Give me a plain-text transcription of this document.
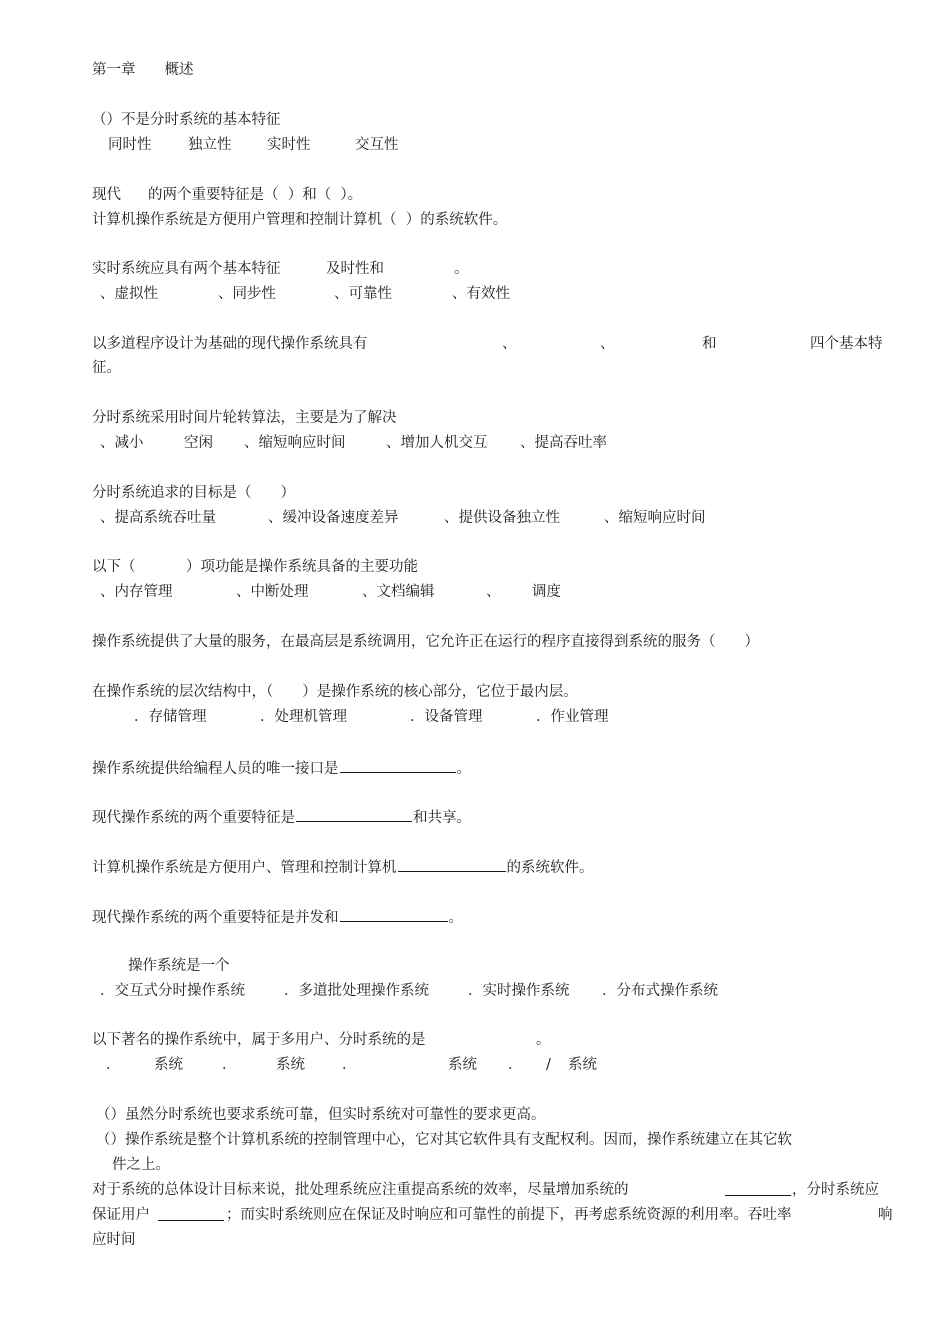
第一章　　概述
（）不是分时系统的基本特征
同时性	独立性 实时性	交互性
现代 的两个重要特征是（  ）和（  ）。
计算机操作系统是方便用户管理和控制计算机（  ）的系统软件。
实时系统应具有两个基本特征	及时性和	。
、虚拟性	、同步性	、可靠性	、有效性
以多道程序设计为基础的现代操作系统具有	、	、	和	四个基本特
征。
分时系统采用时间片轮转算法，主要是为了解决
、减小	空闲 、缩短响应时间	、增加人机交互 、提高吞吐率
分时系统追求的目标是（　　）
、提高系统吞吐量	、缓冲设备速度差异	、提供设备独立性	、缩短响应时间
以下（	）项功能是操作系统具备的主要功能
、内存管理	、中断处理	、文档编辑	、 调度
操作系统提供了大量的服务，在最高层是系统调用，它允许正在运行的程序直接得到系统的服务（　　）
在操作系统的层次结构中，（　　）是操作系统的核心部分，它位于最内层。
．存储管理	．处理机管理	．设备管理	．作业管理
操作系统提供给编程人员的唯一接口是	。
现代操作系统的两个重要特征是	和共享。
计算机操作系统是方便用户、管理和控制计算机	的系统软件。
现代操作系统的两个重要特征是并发和	。
操作系统是一个
．交互式分时操作系统	．多道批处理操作系统	．实时操作系统 ．分布式操作系统
以下著名的操作系统中，属于多用户、分时系统的是	。
． 系统	．	系统	．	系统 ． / 系统
（）虽然分时系统也要求系统可靠，但实时系统对可靠性的要求更高。
（）操作系统是整个计算机系统的控制管理中心，它对其它软件具有支配权利。因而，操作系统建立在其它软
件之上。
对于系统的总体设计目标来说，批处理系统应注重提高系统的效率，尽量增加系统的	，分时系统应
保证用户	；而实时系统则应在保证及时响应和可靠性的前提下，再考虑系统资源的利用率。吞吐率	响
应时间
